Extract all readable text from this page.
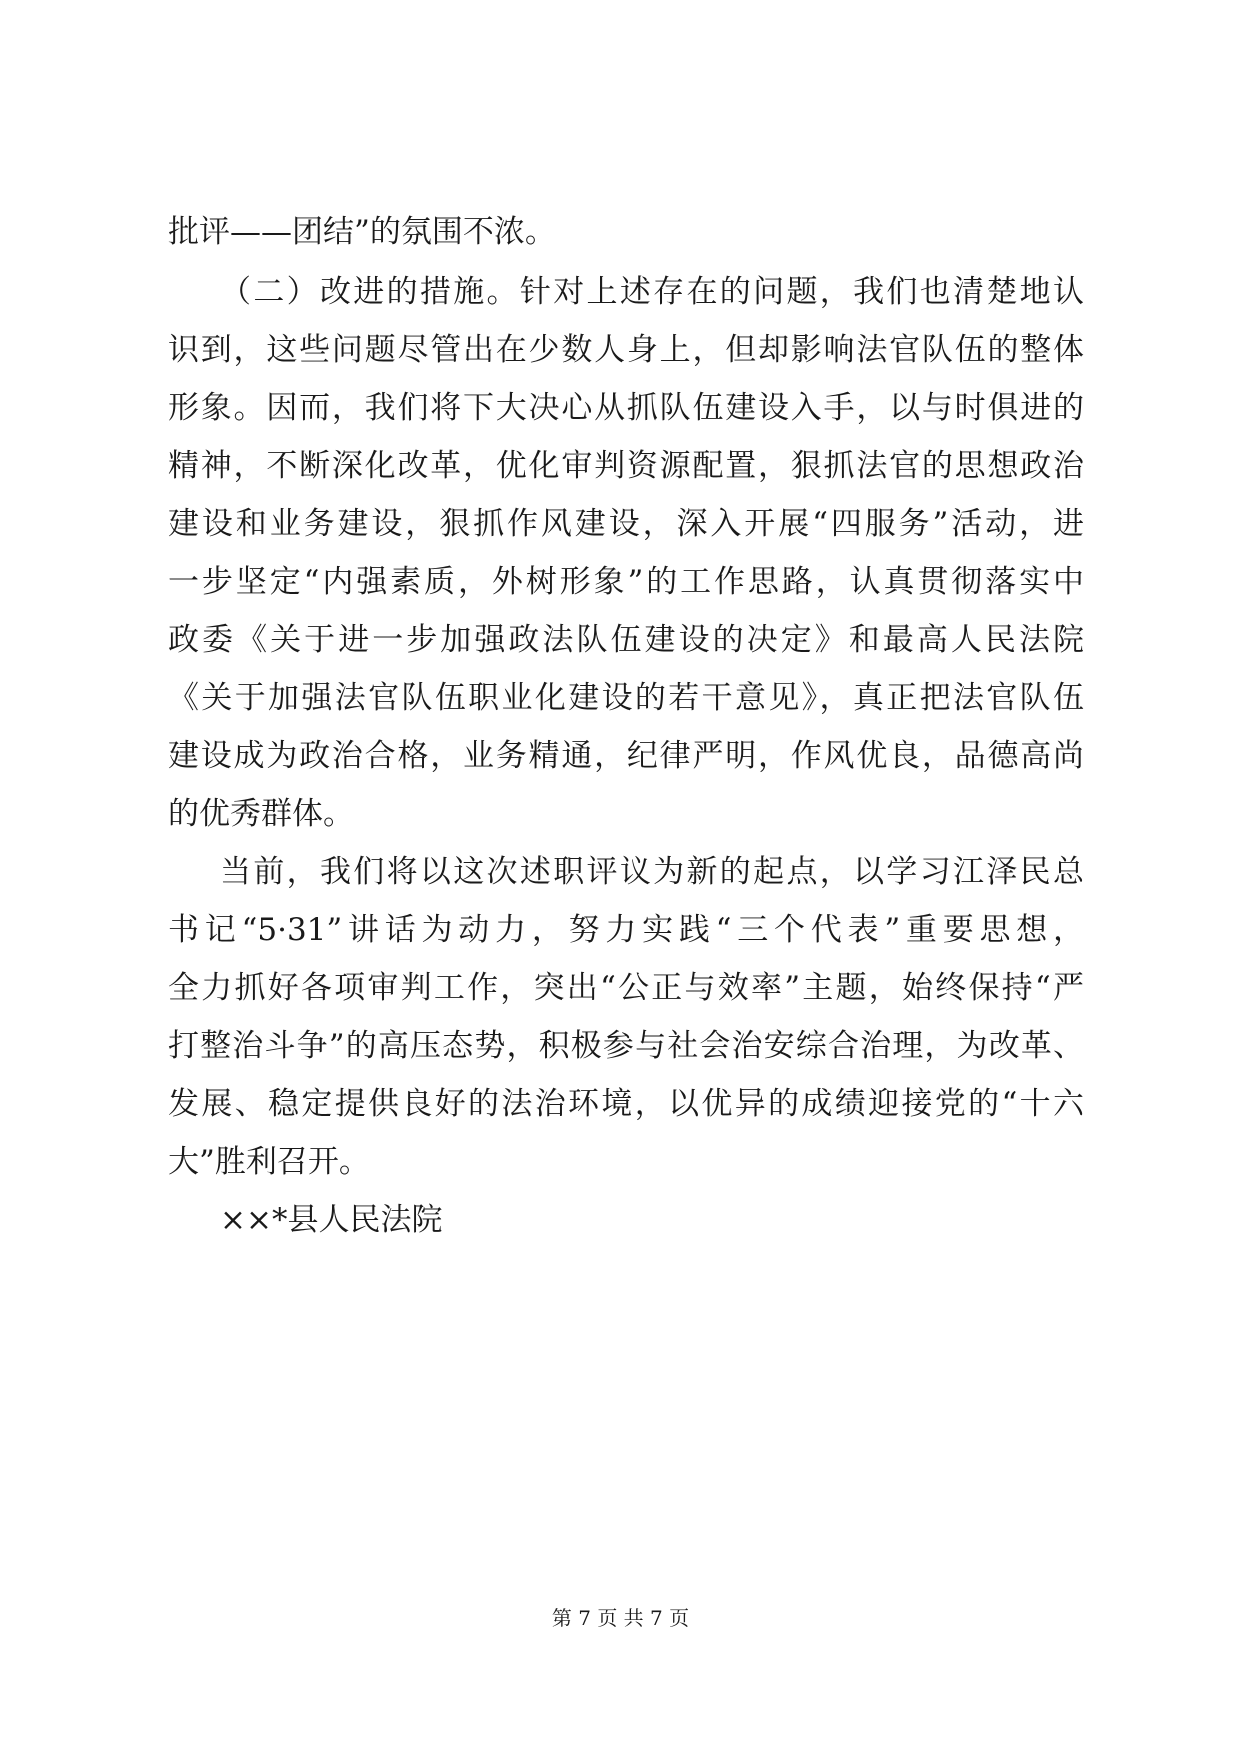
批评——团结”的氛围不浓。
（二）改进的措施。针对上述存在的问题，我们也清楚地认
识到，这些问题尽管出在少数人身上，但却影响法官队伍的整体
形象。因而，我们将下大决心从抓队伍建设入手，以与时俱进的
精神，不断深化改革，优化审判资源配置，狠抓法官的思想政治
建设和业务建设，狠抓作风建设，深入开展“四服务”活动，进
一步坚定“内强素质，外树形象”的工作思路，认真贯彻落实中
政委《关于进一步加强政法队伍建设的决定》和最高人民法院
《关于加强法官队伍职业化建设的若干意见》，真正把法官队伍
建设成为政治合格，业务精通，纪律严明，作风优良，品德高尚
的优秀群体。
当前，我们将以这次述职评议为新的起点，以学习江泽民总
书记“5·31”讲话为动力，努力实践“三个代表”重要思想，
全力抓好各项审判工作，突出“公正与效率”主题，始终保持“严
打整治斗争”的高压态势，积极参与社会治安综合治理，为改革、
发展、稳定提供良好的法治环境，以优异的成绩迎接党的“十六
大”胜利召开。
××*县人民法院
第 7 页 共 7 页
